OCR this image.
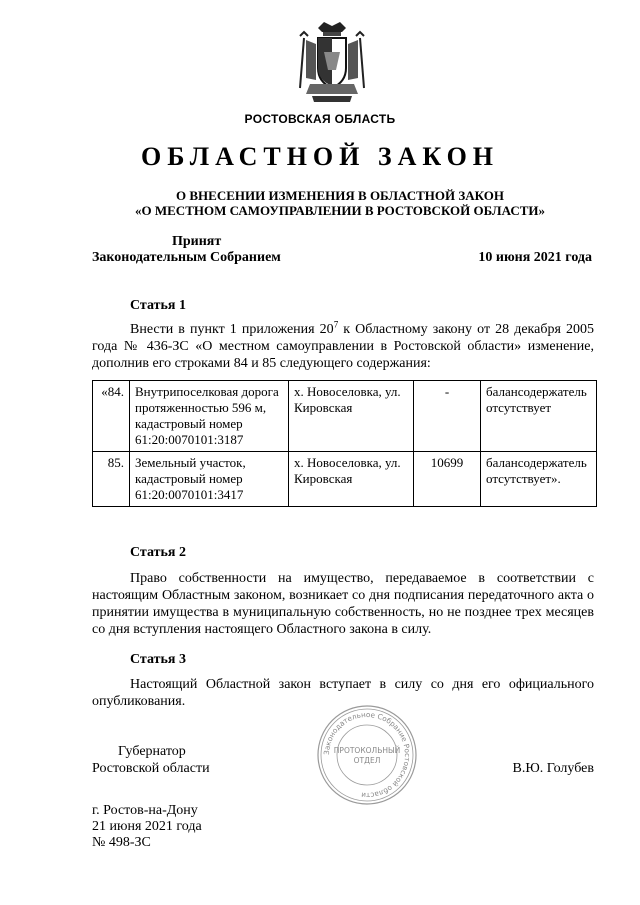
РОСТОВСКАЯ ОБЛАСТЬ
ОБЛАСТНОЙ ЗАКОН
О ВНЕСЕНИИ ИЗМЕНЕНИЯ В ОБЛАСТНОЙ ЗАКОН
«О МЕСТНОМ САМОУПРАВЛЕНИИ В РОСТОВСКОЙ ОБЛАСТИ»
Принят
Законодательным Собранием	10 июня 2021 года
Статья 1
Внести в пункт 1 приложения $20^7$ к Областному закону от 28 декабря 2005 года № 436-ЗС «О местном самоуправлении в Ростовской области» изменение, дополнив его строками 84 и 85 следующего содержания:
«84.	Внутрипоселковая дорога протяженностью 596 м, кадастровый номер 61:20:0070101:3187	х. Новоселовка, ул. Кировская	-	балансодержатель отсутствует
85.	Земельный участок, кадастровый номер 61:20:0070101:3417	х. Новоселовка, ул. Кировская	10699	балансодержатель отсутствует».
Статья 2
Право собственности на имущество, передаваемое в соответствии с настоящим Областным законом, возникает со дня подписания передаточного акта о принятии имущества в муниципальную собственность, но не позднее трех месяцев со дня вступления настоящего Областного закона в силу.
Статья 3
Настоящий Областной закон вступает в силу со дня его официального опубликования.
Губернатор
Ростовской области	В.Ю. Голубев
Законодательное Собрание Ростовской области
ПРОТОКОЛЬНЫЙ
ОТДЕЛ
г. Ростов-на-Дону
21 июня 2021 года
№ 498-ЗС
